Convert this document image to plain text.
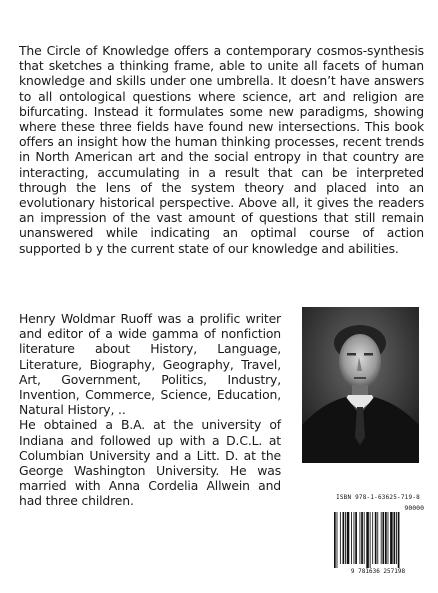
The Circle of Knowledge offers a contemporary cosmos-synthesis that sketches a thinking frame, able to unite all facets of human knowledge and skills under one umbrella. It doesn’t have answers to all ontological questions where science, art and religion are bifurcating. Instead it formulates some new paradigms, showing where these three fields have found new intersections. This book offers an insight how the human thinking processes, recent trends in North American art and the social entropy in that country are interacting, accumulating in a result that can be interpreted through the lens of the system theory and placed into an evolutionary historical perspective. Above all, it gives the readers an impression of the vast amount of questions that still remain unanswered while indicating an optimal course of action supported b y the current state of our knowledge and abilities.

Henry Woldmar Ruoff was a prolific writer and editor of a wide gamma of nonfiction literature about History, Language, Literature, Biography, Geography, Travel, Art, Government, Politics, Industry, Invention, Commerce, Science, Education, Natural History, ..

He obtained a B.A. at the university of Indiana and followed up with a D.C.L. at Columbian University and a Litt. D. at the George Washington University. He was married with Anna Cordelia Allwein and had three children.	ISBN 978-1-63625-719-8
90000
9 781636 257198
